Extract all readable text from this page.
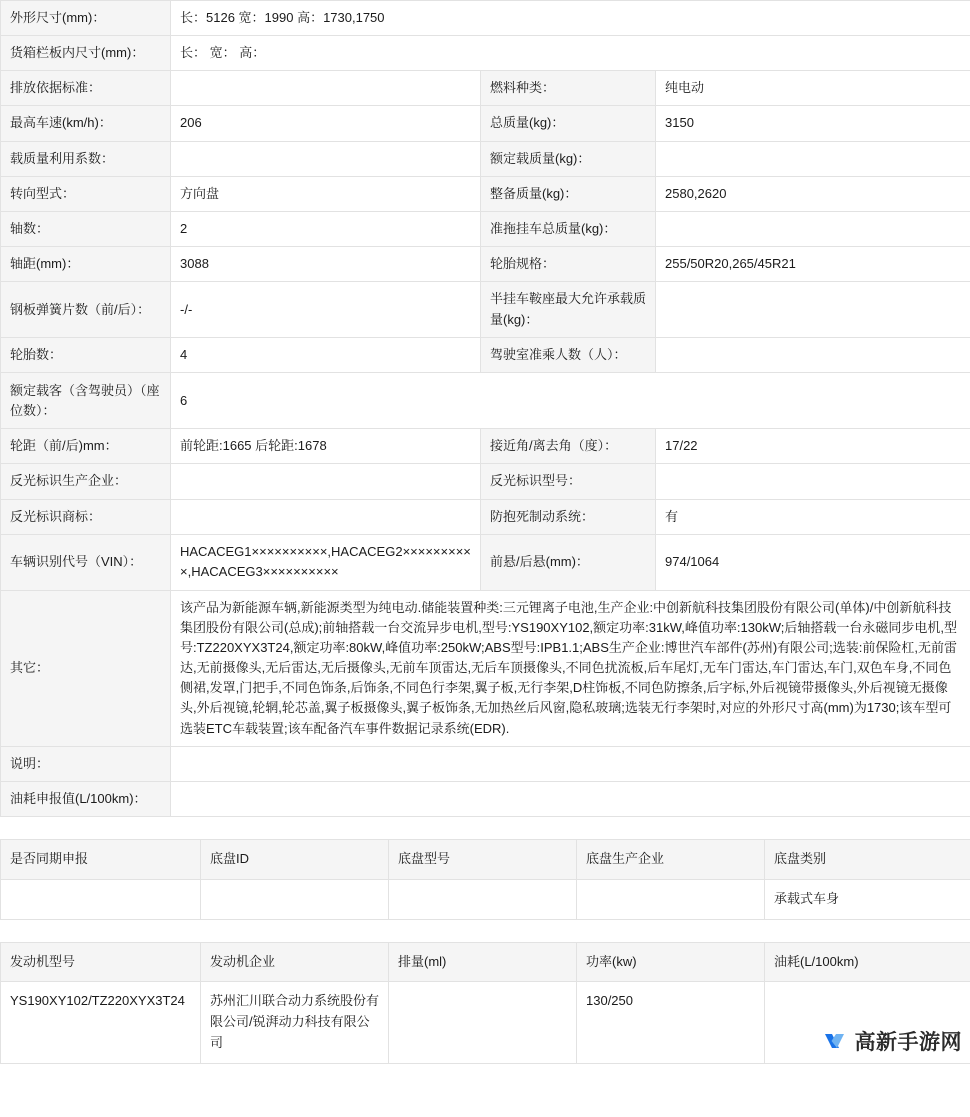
外形尺寸(mm)：	长：5126 宽：1990 高：1730,1750		
货箱栏板内尺寸(mm)：	长： 宽： 高：		
排放依据标准：		燃料种类：	纯电动
最高车速(km/h)：	206	总质量(kg)：	3150
载质量利用系数：		额定载质量(kg)：	
转向型式：	方向盘	整备质量(kg)：	2580,2620
轴数：	2	准拖挂车总质量(kg)：	
轴距(mm)：	3088	轮胎规格：	255/50R20,265/45R21
钢板弹簧片数（前/后）：	-/-	半挂车鞍座最大允许承载质量(kg)：	
轮胎数：	4	驾驶室准乘人数（人）：	
额定载客（含驾驶员）（座位数）：	6		
轮距（前/后)mm：	前轮距:1665 后轮距:1678	接近角/离去角（度）：	17/22
反光标识生产企业：		反光标识型号：	
反光标识商标：		防抱死制动系统：	有
车辆识别代号（VIN）：	HACACEG1××××××××××,HACACEG2××××××××××,HACACEG3××××××××××	前悬/后悬(mm)：	974/1064
其它：	该产品为新能源车辆,新能源类型为纯电动.储能装置种类:三元锂离子电池,生产企业:中创新航科技集团股份有限公司(单体)/中创新航科技集团股份有限公司(总成);前轴搭载一台交流异步电机,型号:YS190XY102,额定功率:31kW,峰值功率:130kW;后轴搭载一台永磁同步电机,型号:TZ220XYX3T24,额定功率:80kW,峰值功率:250kW;ABS型号:IPB1.1;ABS生产企业:博世汽车部件(苏州)有限公司;选装:前保险杠,无前雷达,无前摄像头,无后雷达,无后摄像头,无前车顶雷达,无后车顶摄像头,不同色扰流板,后车尾灯,无车门雷达,车门雷达,车门,双色车身,不同色侧裙,发罩,门把手,不同色饰条,后饰条,不同色行李架,翼子板,无行李架,D柱饰板,不同色防擦条,后字标,外后视镜带摄像头,外后视镜无摄像头,外后视镜,轮辋,轮芯盖,翼子板摄像头,翼子板饰条,无加热丝后风窗,隐私玻璃;选装无行李架时,对应的外形尺寸高(mm)为1730;该车型可选装ETC车载装置;该车配备汽车事件数据记录系统(EDR).		
说明：			
油耗申报值(L/100km)：			
是否同期申报	底盘ID	底盘型号	底盘生产企业	底盘类别
				承载式车身
发动机型号	发动机企业	排量(ml)	功率(kw)	油耗(L/100km)
YS190XY102/TZ220XYX3T24	苏州汇川联合动力系统股份有限公司/锐湃动力科技有限公司		130/250	
高新手游网
